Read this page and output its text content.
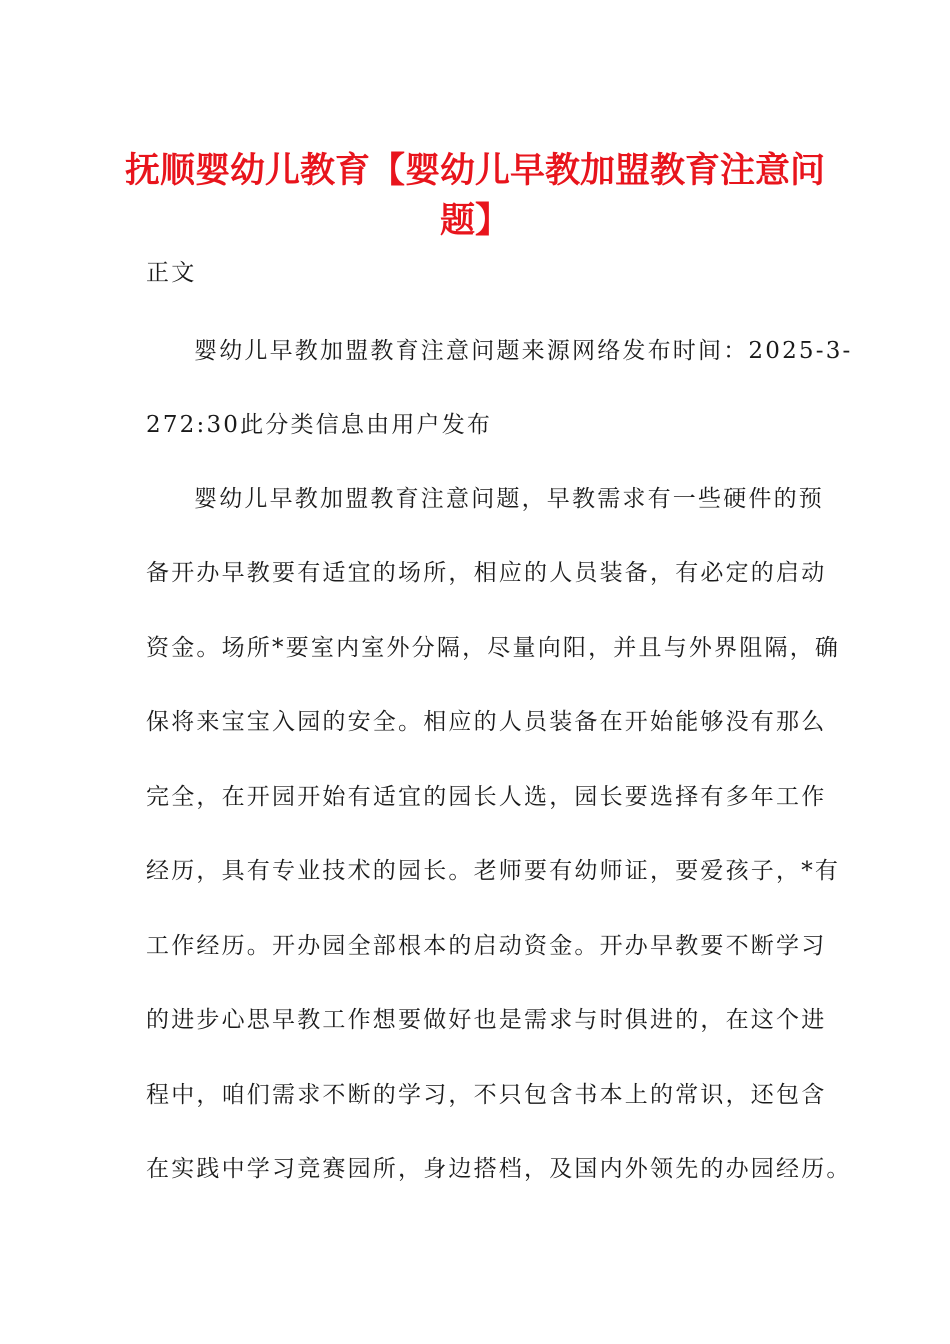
抚顺婴幼儿教育【婴幼儿早教加盟教育注意问题】
正文
婴幼儿早教加盟教育注意问题来源网络发布时间：2025-3-
272:30此分类信息由用户发布
婴幼儿早教加盟教育注意问题，早教需求有一些硬件的预
备开办早教要有适宜的场所，相应的人员装备，有必定的启动
资金。场所*要室内室外分隔，尽量向阳，并且与外界阻隔，确
保将来宝宝入园的安全。相应的人员装备在开始能够没有那么
完全，在开园开始有适宜的园长人选，园长要选择有多年工作
经历，具有专业技术的园长。老师要有幼师证，要爱孩子，*有
工作经历。开办园全部根本的启动资金。开办早教要不断学习
的进步心思早教工作想要做好也是需求与时俱进的，在这个进
程中，咱们需求不断的学习，不只包含书本上的常识，还包含
在实践中学习竞赛园所，身边搭档，及国内外领先的办园经历。
